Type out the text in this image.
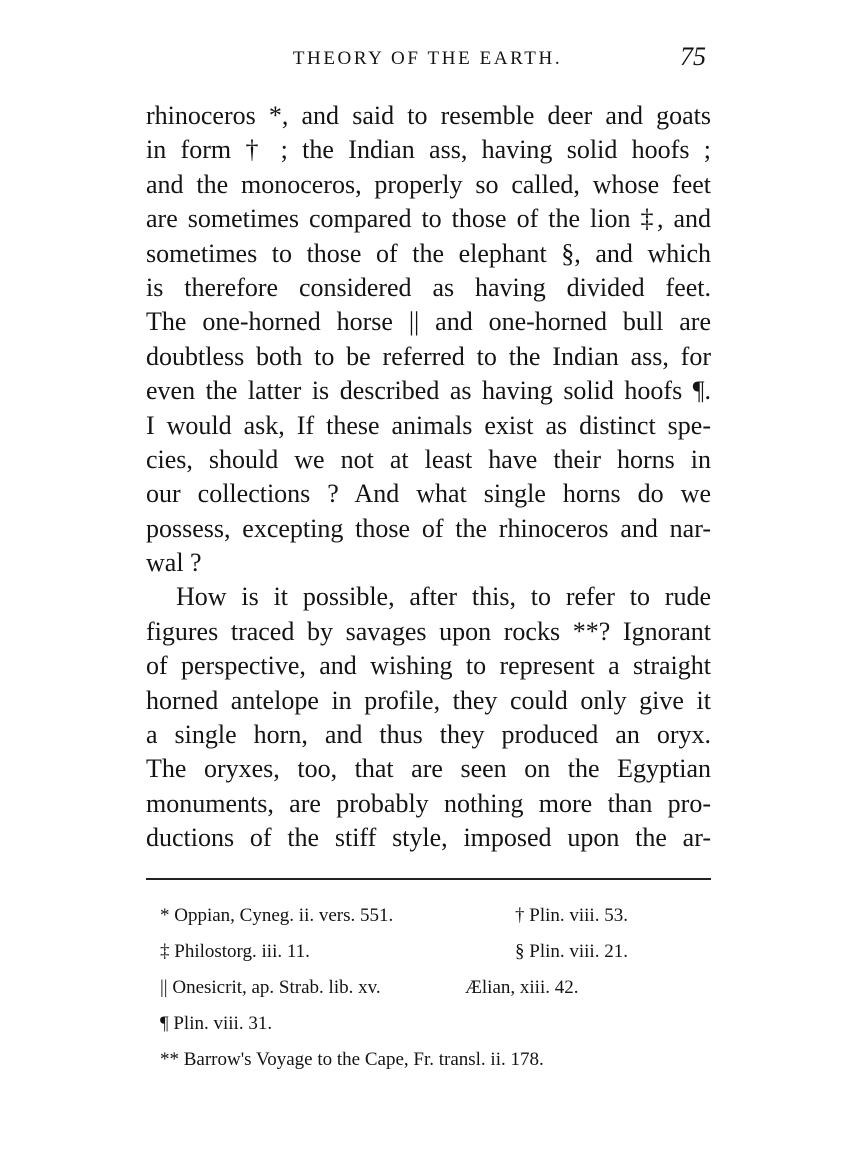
THEORY OF THE EARTH.	75
rhinoceros *, and said to resemble deer and goats
in form † ; the Indian ass, having solid hoofs ;
and the monoceros, properly so called, whose feet
are sometimes compared to those of the lion ‡, and
sometimes to those of the elephant §, and which
is therefore considered as having divided feet.
The one-horned horse || and one-horned bull are
doubtless both to be referred to the Indian ass, for
even the latter is described as having solid hoofs ¶.
I would ask, If these animals exist as distinct spe-
cies, should we not at least have their horns in
our collections ? And what single horns do we
possess, excepting those of the rhinoceros and nar-
wal ?
How is it possible, after this, to refer to rude
figures traced by savages upon rocks **? Ignorant
of perspective, and wishing to represent a straight
horned antelope in profile, they could only give it
a single horn, and thus they produced an oryx.
The oryxes, too, that are seen on the Egyptian
monuments, are probably nothing more than pro-
ductions of the stiff style, imposed upon the ar-
* Oppian, Cyneg. ii. vers. 551.	† Plin. viii. 53.
‡ Philostorg. iii. 11.	§ Plin. viii. 21.
|| Onesicrit, ap. Strab. lib. xv.	Ælian, xiii. 42.
¶ Plin. viii. 31.
** Barrow's Voyage to the Cape, Fr. transl. ii. 178.
